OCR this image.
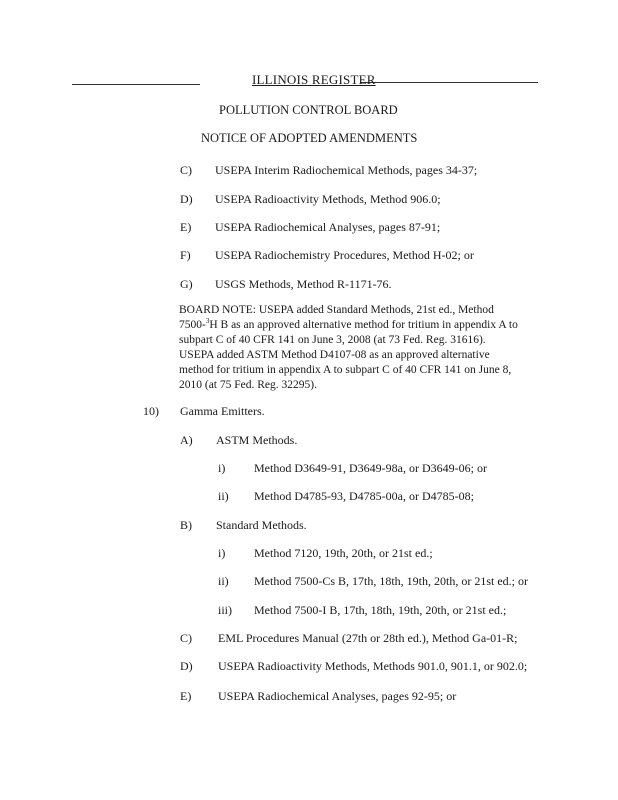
ILLINOIS REGISTER
POLLUTION CONTROL BOARD
NOTICE OF ADOPTED AMENDMENTS
C) USEPA Interim Radiochemical Methods, pages 34-37;
D) USEPA Radioactivity Methods, Method 906.0;
E) USEPA Radiochemical Analyses, pages 87-91;
F) USEPA Radiochemistry Procedures, Method H-02; or
G) USGS Methods, Method R-1171-76.

BOARD NOTE: USEPA added Standard Methods, 21st ed., Method

7500-$^3$H B as an approved alternative method for tritium in appendix A to

subpart C of 40 CFR 141 on June 3, 2008 (at 73 Fed. Reg. 31616).

USEPA added ASTM Method D4107-08 as an approved alternative

method for tritium in appendix A to subpart C of 40 CFR 141 on June 8,

2010 (at 75 Fed. Reg. 32295).

10) Gamma Emitters.
A) ASTM Methods.
i) Method D3649-91, D3649-98a, or D3649-06; or
ii) Method D4785-93, D4785-00a, or D4785-08;
B) Standard Methods.
i) Method 7120, 19th, 20th, or 21st ed.;
ii) Method 7500-Cs B, 17th, 18th, 19th, 20th, or 21st ed.; or
iii) Method 7500-I B, 17th, 18th, 19th, 20th, or 21st ed.;
C) EML Procedures Manual (27th or 28th ed.), Method Ga-01-R;
D) USEPA Radioactivity Methods, Methods 901.0, 901.1, or 902.0;
E) USEPA Radiochemical Analyses, pages 92-95; or
